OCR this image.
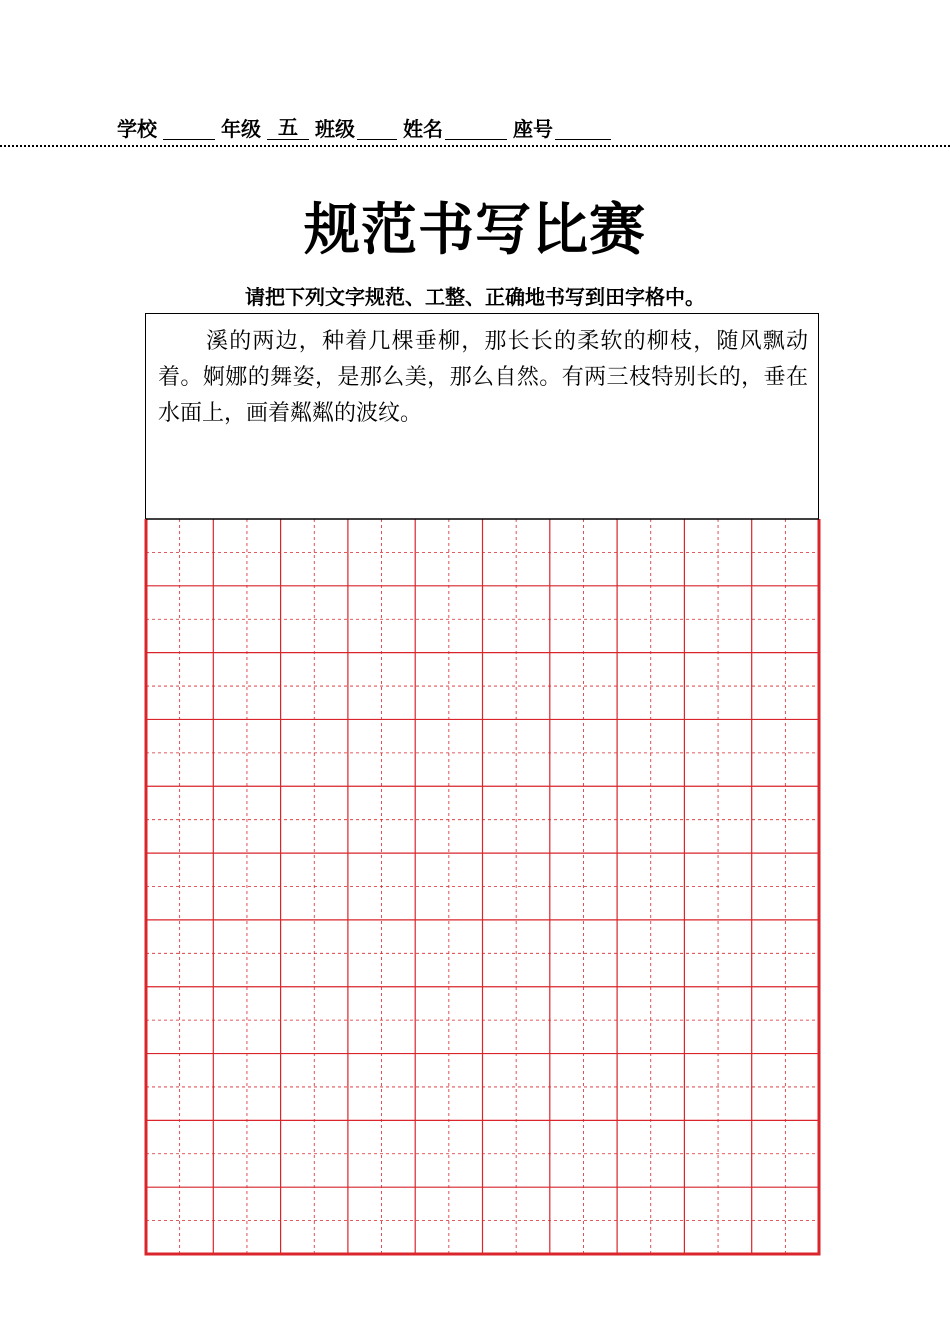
学校	年级 五 班级 姓名	座号
规范书写比赛
请把下列文字规范、工整、正确地书写到田字格中。
溪的两边，种着几棵垂柳，那长长的柔软的柳枝，随风飘动着。婀娜的舞姿，是那么美，那么自然。有两三枝特别长的，垂在水面上，画着粼粼的波纹。
